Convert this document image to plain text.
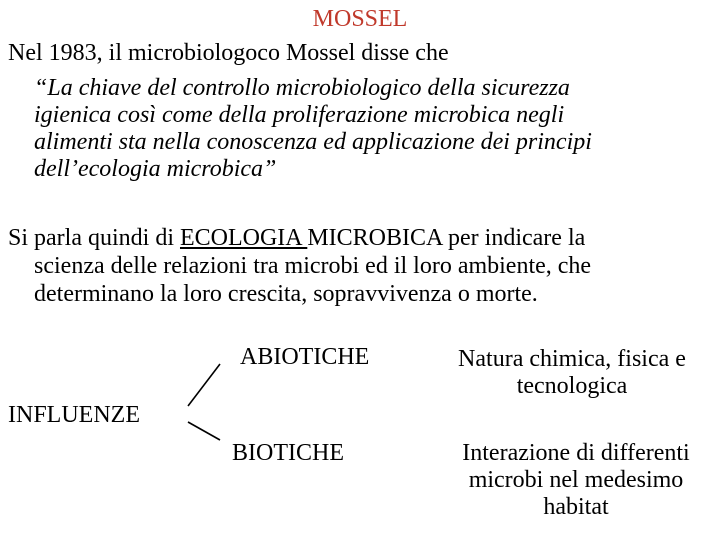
MOSSEL
Nel 1983, il microbiologoco Mossel disse che
“La chiave del controllo microbiologico della sicurezza
igienica così come della proliferazione microbica negli
alimenti sta nella conoscenza ed applicazione dei principi
dell’ecologia microbica”
Si parla quindi di ECOLOGIA MICROBICA per indicare la
scienza delle relazioni tra microbi ed il loro ambiente, che
determinano la loro crescita, sopravvivenza o morte.
ABIOTICHE	Natura chimica, fisica e
tecnologica
INFLUENZE
BIOTICHE	Interazione di differenti
microbi nel medesimo
habitat
